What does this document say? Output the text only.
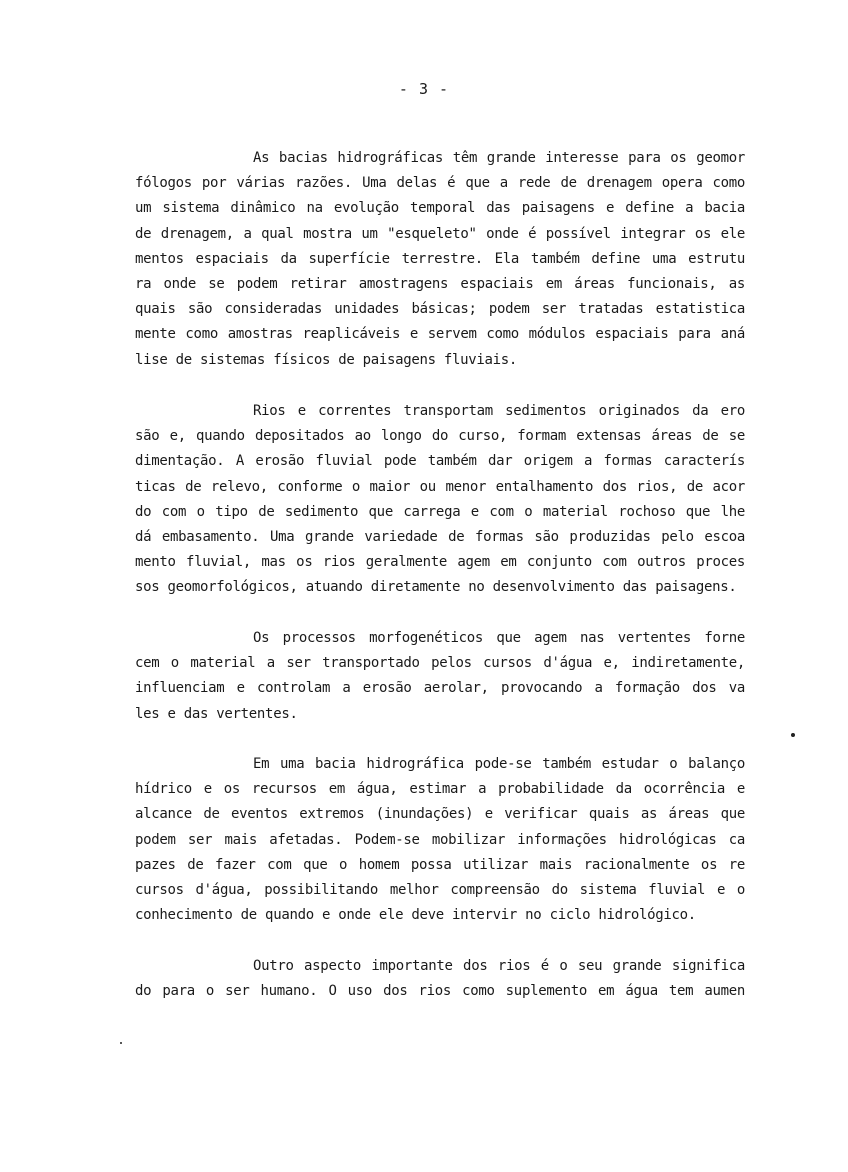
- 3 -
As bacias hidrográficas têm grande interesse para os geomor
fólogos por várias razões. Uma delas é que a rede de drenagem opera como
um sistema dinâmico na evolução temporal das paisagens e define a bacia
de drenagem, a qual mostra um "esqueleto" onde é possível integrar os ele
mentos espaciais da superfície terrestre. Ela também define uma estrutu
ra onde se podem retirar amostragens espaciais em áreas funcionais, as
quais são consideradas unidades básicas; podem ser tratadas estatistica
mente como amostras reaplicáveis e servem como módulos espaciais para aná
lise de sistemas físicos de paisagens fluviais.
Rios e correntes transportam sedimentos originados da ero
são e, quando depositados ao longo do curso, formam extensas áreas de se
dimentação. A erosão fluvial pode também dar origem a formas caracterís
ticas de relevo, conforme o maior ou menor entalhamento dos rios, de acor
do com o tipo de sedimento que carrega e com o material rochoso que lhe
dá embasamento. Uma grande variedade de formas são produzidas pelo escoa
mento fluvial, mas os rios geralmente agem em conjunto com outros proces
sos geomorfológicos, atuando diretamente no desenvolvimento das paisagens.
Os processos morfogenéticos que agem nas vertentes forne
cem o material a ser transportado pelos cursos d'água e, indiretamente,
influenciam e controlam a erosão aerolar, provocando a formação dos va
les e das vertentes.
Em uma bacia hidrográfica pode-se também estudar o balanço
hídrico e os recursos em água, estimar a probabilidade da ocorrência e
alcance de eventos extremos (inundações) e verificar quais as áreas que
podem ser mais afetadas. Podem-se mobilizar informações hidrológicas ca
pazes de fazer com que o homem possa utilizar mais racionalmente os re
cursos d'água, possibilitando melhor compreensão do sistema fluvial e o
conhecimento de quando e onde ele deve intervir no ciclo hidrológico.
Outro aspecto importante dos rios é o seu grande significa
do para o ser humano. O uso dos rios como suplemento em água tem aumen
